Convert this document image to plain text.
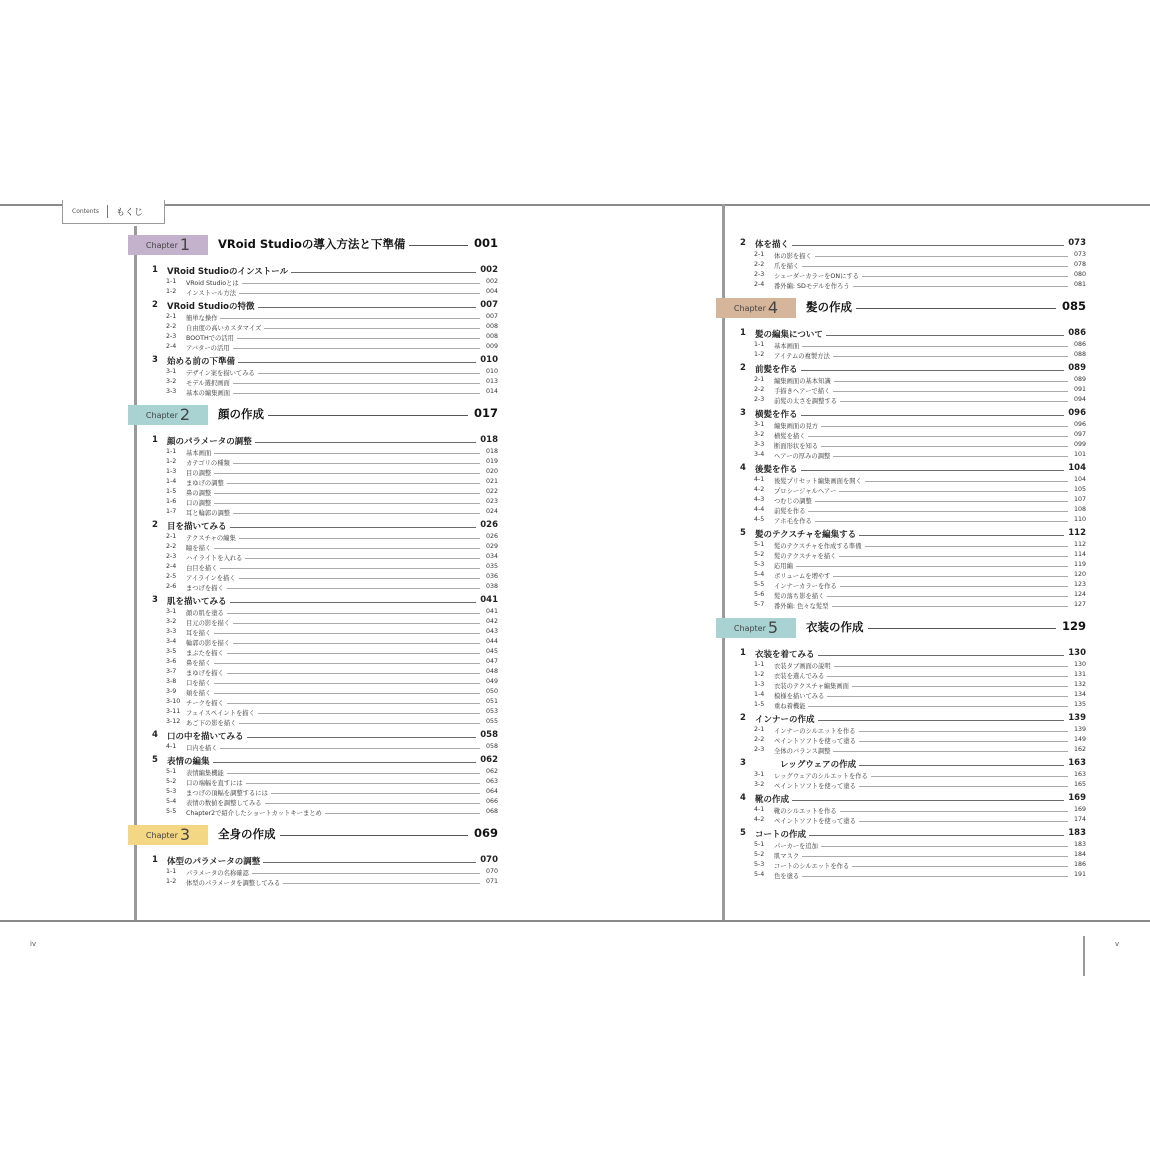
Contents	もくじ
Chapter 1 VRoid Studioの導入方法と下準備	001
1 VRoid Studioのインストール	002
1-1 VRoid Studioとは	002
1-2 インストール方法	004
2 VRoid Studioの特徴	007
2-1 簡単な操作	007
2-2 自由度の高いカスタマイズ	008
2-3 BOOTHでの活用	008
2-4 アバターの活用	009
3 始める前の下準備	010
3-1 デザイン案を描いてみる	010
3-2 モデル選択画面	013
3-3 基本の編集画面	014
Chapter 2 顔の作成	017
1 顔のパラメータの調整	018
1-1 基本画面	018
1-2 カテゴリの種類	019
1-3 目の調整	020
1-4 まゆげの調整	021
1-5 鼻の調整	022
1-6 口の調整	023
1-7 耳と輪郭の調整	024
2 目を描いてみる	026
2-1 テクスチャの編集	026
2-2 瞳を描く	029
2-3 ハイライトを入れる	034
2-4 白目を描く	035
2-5 アイラインを描く	036
2-6 まつげを描く	038
3 肌を描いてみる	041
3-1 顔の肌を塗る	041
3-2 目元の影を描く	042
3-3 耳を描く	043
3-4 輪郭の影を描く	044
3-5 まぶたを描く	045
3-6 鼻を描く	047
3-7 まゆげを描く	048
3-8 口を描く	049
3-9 頬を描く	050
3-10 チークを描く	051
3-11 フェイスペイントを描く	053
3-12 あご下の影を描く	055
4 口の中を描いてみる	058
4-1 口内を描く	058
5 表情の編集	062
5-1 表情編集機能	062
5-2 口の端幅を直すには	063
5-3 まつげの頂幅を調整するには	064
5-4 表情の数値を調整してみる	066
5-5 Chapter2で紹介したショートカットキーまとめ	068
Chapter 3 全身の作成	069
1 体型のパラメータの調整	070
1-1 パラメータの名称確認	070
1-2 体型のパラメータを調整してみる	071
2 体を描く	073
2-1 体の影を描く	073
2-2 爪を描く	078
2-3 シェーダーカラーをONにする	080
2-4 番外編: SDモデルを作ろう	081
Chapter 4 髪の作成	085
1 髪の編集について	086
1-1 基本画面	086
1-2 アイテムの複製方法	088
2 前髪を作る	089
2-1 編集画面の基本知識	089
2-2 手描きヘアーで描く	091
2-3 前髪の太さを調整する	094
3 横髪を作る	096
3-1 編集画面の見方	096
3-2 横髪を描く	097
3-3 断面形状を知る	099
3-4 ヘアーの厚みの調整	101
4 後髪を作る	104
4-1 後髪プリセット編集画面を開く	104
4-2 プロシージャルヘアー	105
4-3 つむじの調整	107
4-4 前髪を作る	108
4-5 アホ毛を作る	110
5 髪のテクスチャを編集する	112
5-1 髪のテクスチャを作成する準備	112
5-2 髪のテクスチャを描く	114
5-3 応用編	119
5-4 ボリュームを増やす	120
5-5 インナーカラーを作る	123
5-6 髪の落ち影を描く	124
5-7 番外編: 色々な髪型	127
Chapter 5 衣装の作成	129
1 衣装を着てみる	130
1-1 衣装タブ画面の説明	130
1-2 衣装を選んでみる	131
1-3 衣装のテクスチャ編集画面	132
1-4 模様を描いてみる	134
1-5 重ね着機能	135
2 インナーの作成	139
2-1 インナーのシルエットを作る	139
2-2 ペイントソフトを使って塗る	149
2-3 全体のバランス調整	162
3	レッグウェアの作成	163
3-1 レッグウェアのシルエットを作る	163
3-2 ペイントソフトを使って塗る	165
4 靴の作成	169
4-1 靴のシルエットを作る	169
4-2 ペイントソフトを使って塗る	174
5 コートの作成	183
5-1 パーカーを追加	183
5-2 肌マスク	184
5-3 コートのシルエットを作る	186
5-4 色を塗る	191
iv	v
